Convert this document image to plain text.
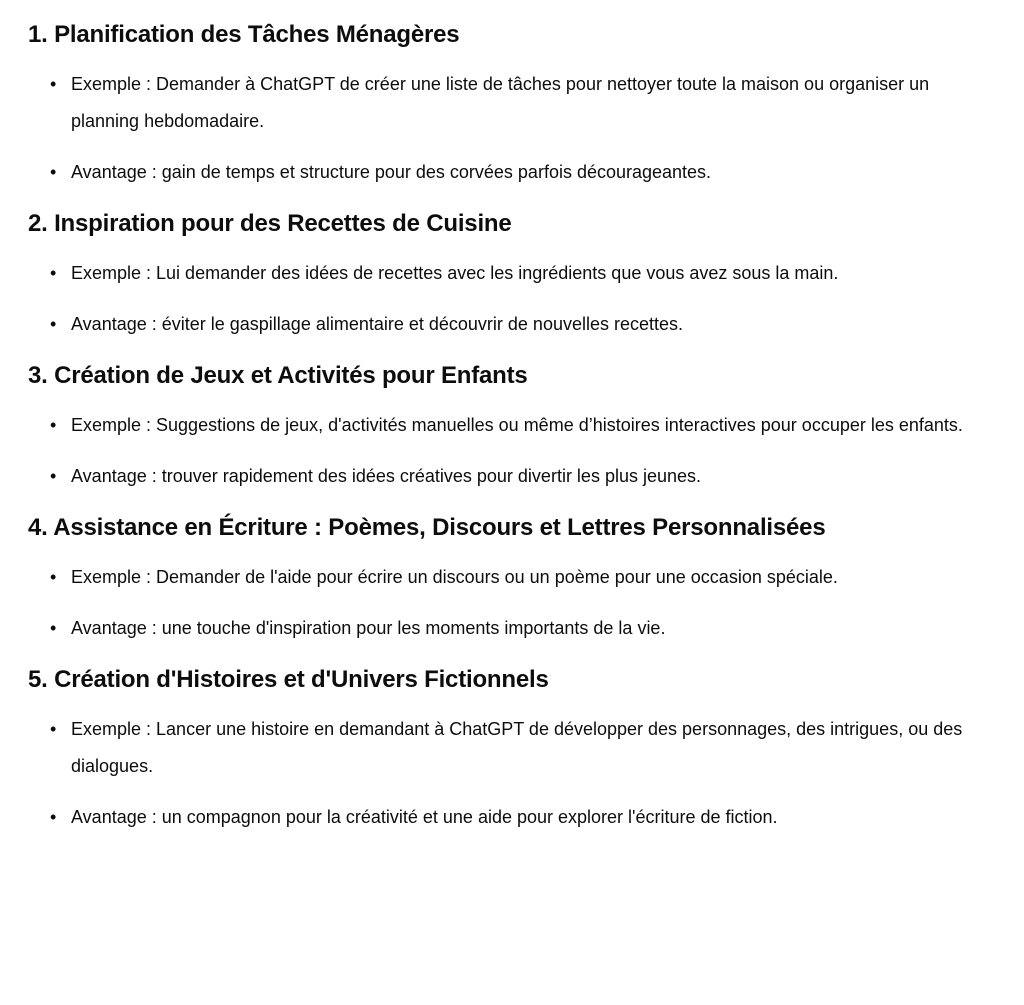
1. Planification des Tâches Ménagères
• Exemple : Demander à ChatGPT de créer une liste de tâches pour nettoyer toute la maison ou organiser un planning hebdomadaire.
• Avantage : gain de temps et structure pour des corvées parfois décourageantes.
2. Inspiration pour des Recettes de Cuisine
• Exemple : Lui demander des idées de recettes avec les ingrédients que vous avez sous la main.
• Avantage : éviter le gaspillage alimentaire et découvrir de nouvelles recettes.
3. Création de Jeux et Activités pour Enfants
• Exemple : Suggestions de jeux, d'activités manuelles ou même d’histoires interactives pour occuper les enfants.
• Avantage : trouver rapidement des idées créatives pour divertir les plus jeunes.
4. Assistance en Écriture : Poèmes, Discours et Lettres Personnalisées
• Exemple : Demander de l'aide pour écrire un discours ou un poème pour une occasion spéciale.
• Avantage : une touche d'inspiration pour les moments importants de la vie.
5. Création d'Histoires et d'Univers Fictionnels
• Exemple : Lancer une histoire en demandant à ChatGPT de développer des personnages, des intrigues, ou des dialogues.
• Avantage : un compagnon pour la créativité et une aide pour explorer l'écriture de fiction.
